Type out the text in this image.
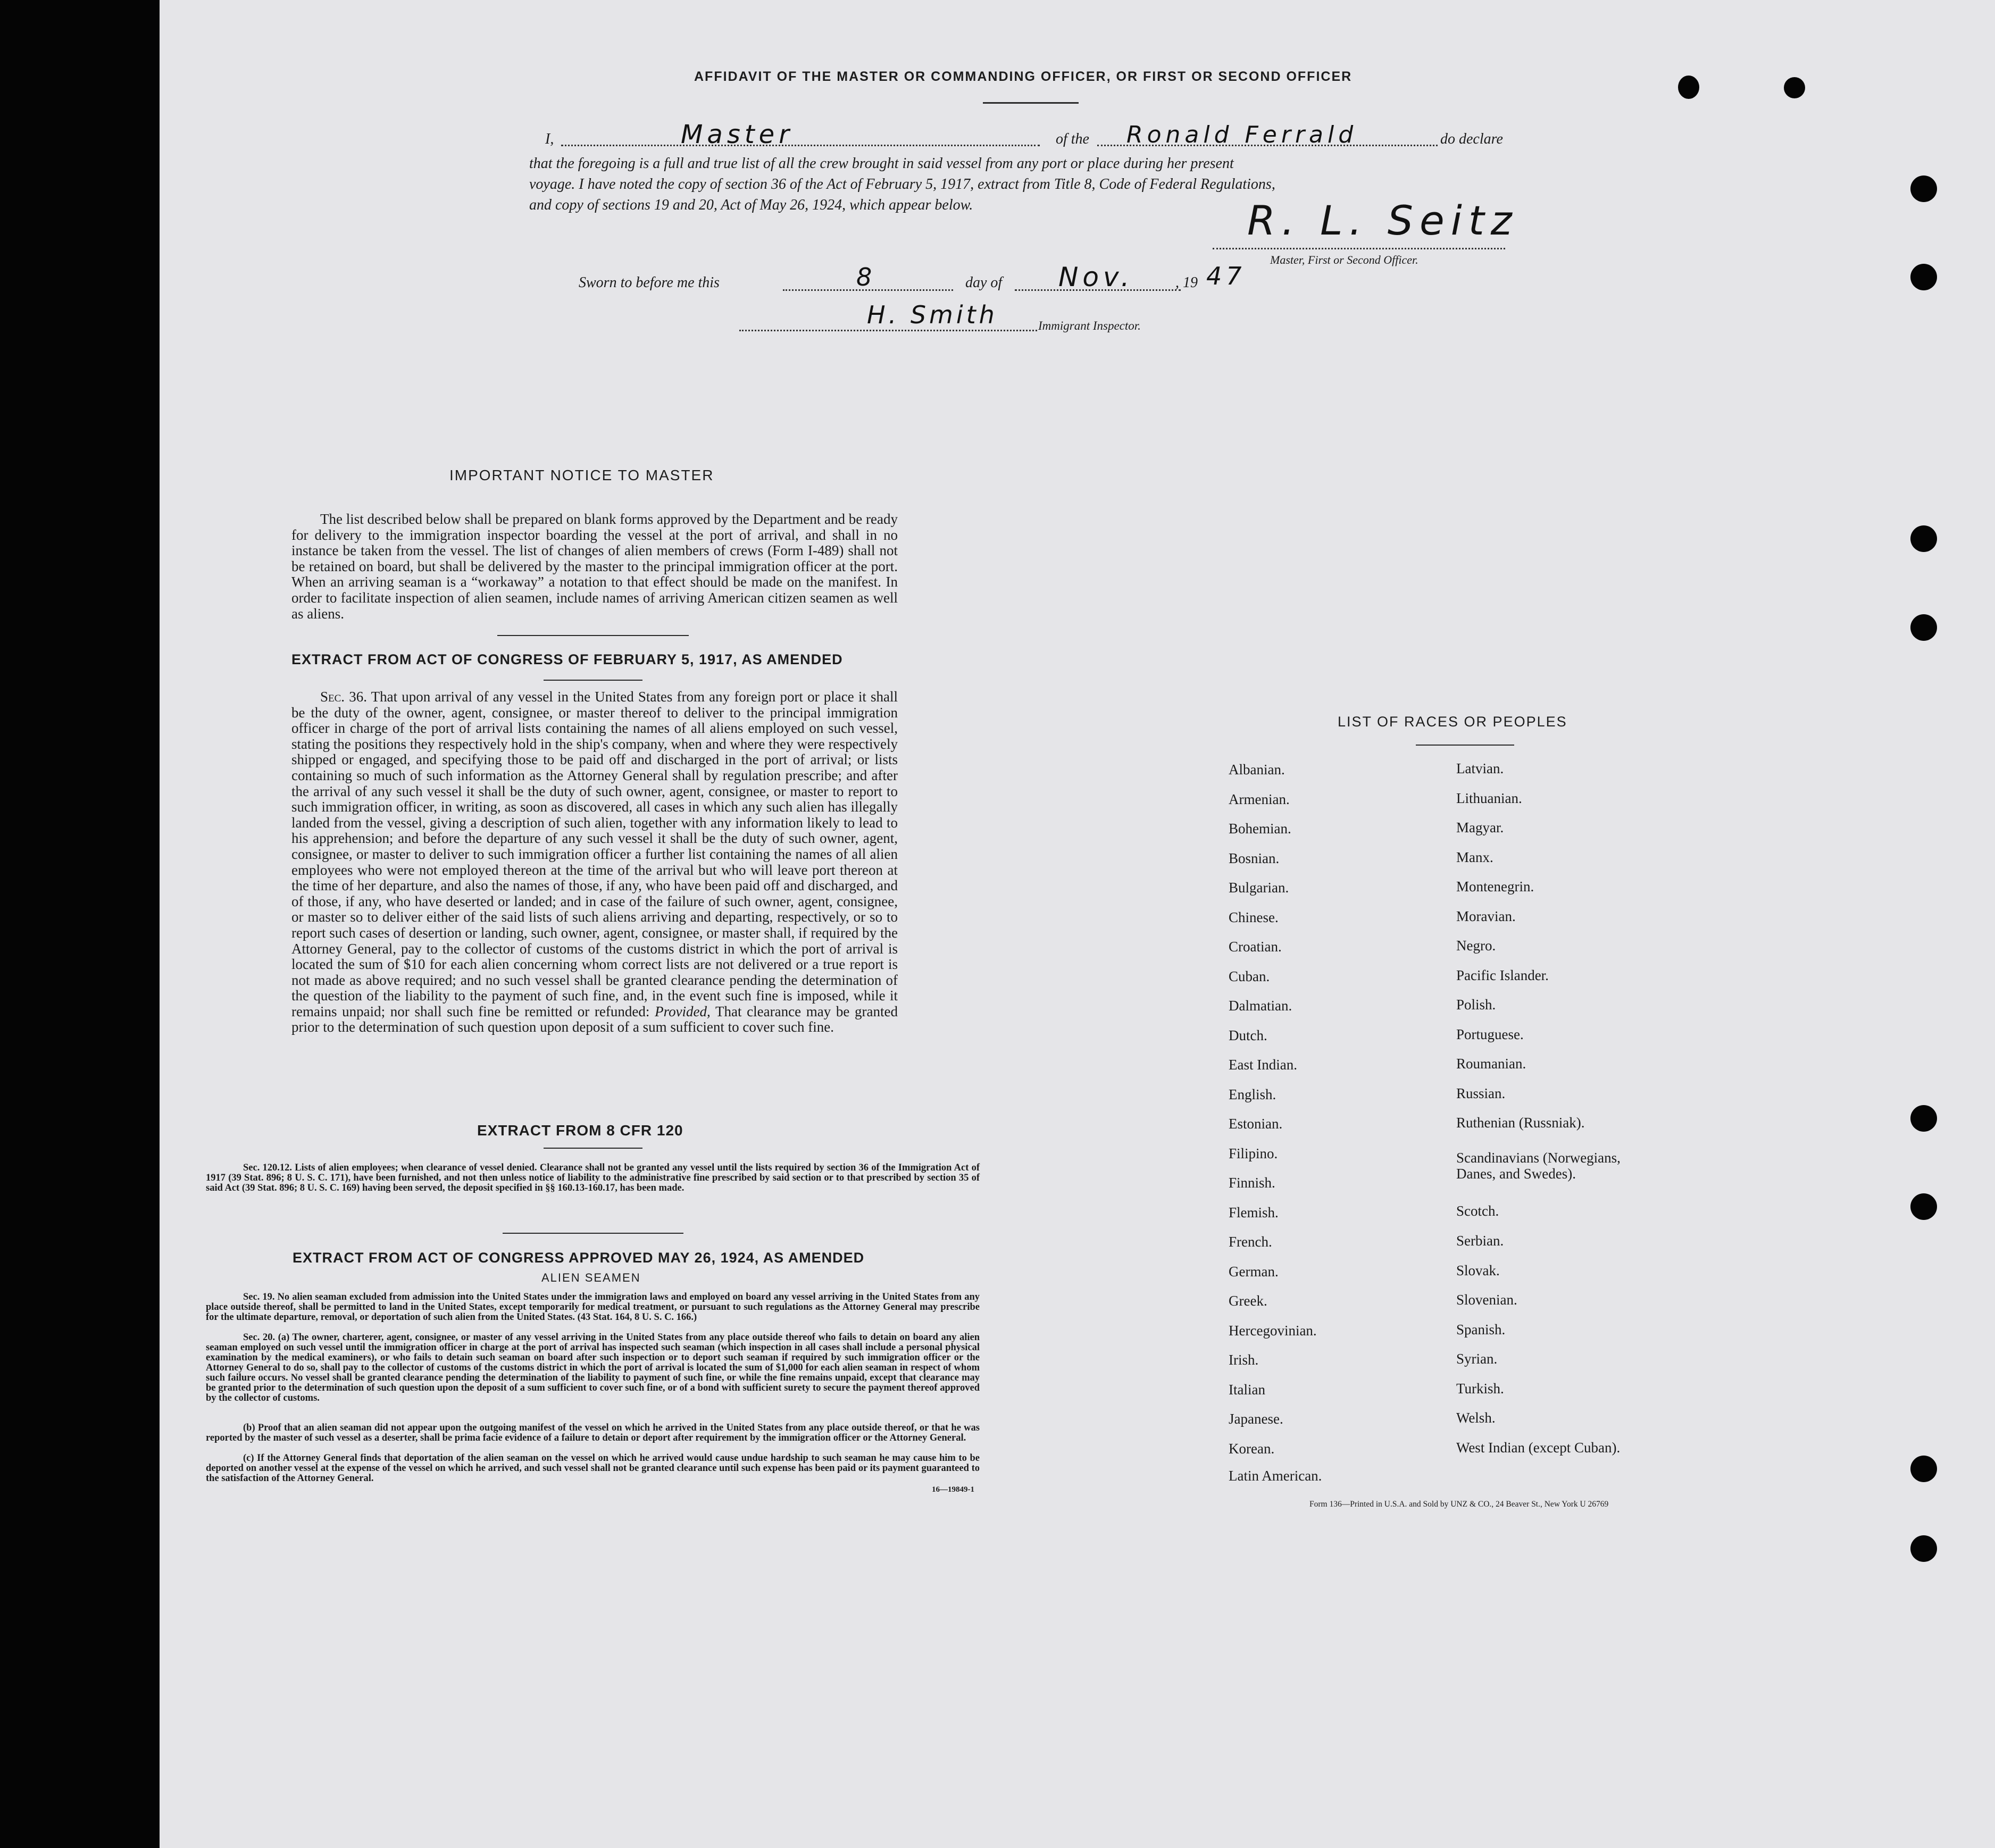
AFFIDAVIT OF THE MASTER OR COMMANDING OFFICER, OR FIRST OR SECOND OFFICER
I,	Master	of the Ronald Ferrald	do declare
that the foregoing is a full and true list of all the crew brought in said vessel from any port or place during her present
voyage. I have noted the copy of section 36 of the Act of February 5, 1917, extract from Title 8, Code of Federal Regulations,
and copy of sections 19 and 20, Act of May 26, 1924, which appear below.	R. L. Seitz
Master, First or Second Officer.
Sworn to before me this	8	day of Nov.	, 19 47
H. Smith	Immigrant Inspector.
IMPORTANT NOTICE TO MASTER
The list described below shall be prepared on blank forms approved by the Department and be ready for delivery to the immigration inspector boarding the vessel at the port of arrival, and shall in no instance be taken from the vessel. The list of changes of alien members of crews (Form I-489) shall not be retained on board, but shall be delivered by the master to the principal immigration officer at the port. When an arriving seaman is a “workaway” a notation to that effect should be made on the manifest. In order to facilitate inspection of alien seamen, include names of arriving American citizen seamen as well as aliens.
EXTRACT FROM ACT OF CONGRESS OF FEBRUARY 5, 1917, AS AMENDED
Sec. 36. That upon arrival of any vessel in the United States from any foreign port or place it shall be the duty of the owner, agent, consignee, or master thereof to deliver to the principal immigration officer in charge of the port of arrival lists containing the names of all aliens employed on such vessel, stating the positions they respectively hold in the ship's company, when and where they were respectively shipped or engaged, and specifying those to be paid off and discharged in the port of arrival; or lists containing so much of such information as the Attorney General shall by regulation prescribe; and after the arrival of any such vessel it shall be the duty of such owner, agent, consignee, or master to report to such immigration officer, in writing, as soon as discovered, all cases in which any such alien has illegally landed from the vessel, giving a description of such alien, together with any information likely to lead to his apprehension; and before the departure of any such vessel it shall be the duty of such owner, agent, consignee, or master to deliver to such immigration officer a further list containing the names of all alien employees who were not employed thereon at the time of the arrival but who will leave port thereon at the time of her departure, and also the names of those, if any, who have been paid off and discharged, and of those, if any, who have deserted or landed; and in case of the failure of such owner, agent, consignee, or master so to deliver either of the said lists of such aliens arriving and departing, respectively, or so to report such cases of desertion or landing, such owner, agent, consignee, or master shall, if required by the Attorney General, pay to the collector of customs of the customs district in which the port of arrival is located the sum of $10 for each alien concerning whom correct lists are not delivered or a true report is not made as above required; and no such vessel shall be granted clearance pending the determination of the question of the liability to the payment of such fine, and, in the event such fine is imposed, while it remains unpaid; nor shall such fine be remitted or refunded: Provided, That clearance may be granted prior to the determination of such question upon deposit of a sum sufficient to cover such fine.
EXTRACT FROM 8 CFR 120
Sec. 120.12. Lists of alien employees; when clearance of vessel denied. Clearance shall not be granted any vessel until the lists required by section 36 of the Immigration Act of 1917 (39 Stat. 896; 8 U. S. C. 171), have been furnished, and not then unless notice of liability to the administrative fine prescribed by said section or to that prescribed by section 35 of said Act (39 Stat. 896; 8 U. S. C. 169) having been served, the deposit specified in §§ 160.13-160.17, has been made.
EXTRACT FROM ACT OF CONGRESS APPROVED MAY 26, 1924, AS AMENDED
ALIEN SEAMEN
Sec. 19. No alien seaman excluded from admission into the United States under the immigration laws and employed on board any vessel arriving in the United States from any place outside thereof, shall be permitted to land in the United States, except temporarily for medical treatment, or pursuant to such regulations as the Attorney General may prescribe for the ultimate departure, removal, or deportation of such alien from the United States. (43 Stat. 164, 8 U. S. C. 166.)
Sec. 20. (a) The owner, charterer, agent, consignee, or master of any vessel arriving in the United States from any place outside thereof who fails to detain on board any alien seaman employed on such vessel until the immigration officer in charge at the port of arrival has inspected such seaman (which inspection in all cases shall include a personal physical examination by the medical examiners), or who fails to detain such seaman on board after such inspection or to deport such seaman if required by such immigration officer or the Attorney General to do so, shall pay to the collector of customs of the customs district in which the port of arrival is located the sum of $1,000 for each alien seaman in respect of whom such failure occurs. No vessel shall be granted clearance pending the determination of the liability to payment of such fine, or while the fine remains unpaid, except that clearance may be granted prior to the determination of such question upon the deposit of a sum sufficient to cover such fine, or of a bond with sufficient surety to secure the payment thereof approved by the collector of customs.
(b) Proof that an alien seaman did not appear upon the outgoing manifest of the vessel on which he arrived in the United States from any place outside thereof, or that he was reported by the master of such vessel as a deserter, shall be prima facie evidence of a failure to detain or deport after requirement by the immigration officer or the Attorney General.
(c) If the Attorney General finds that deportation of the alien seaman on the vessel on which he arrived would cause undue hardship to such seaman he may cause him to be deported on another vessel at the expense of the vessel on which he arrived, and such vessel shall not be granted clearance until such expense has been paid or its payment guaranteed to the satisfaction of the Attorney General.
16—19849-1
LIST OF RACES OR PEOPLES
Albanian.
Armenian.
Bohemian.
Bosnian.
Bulgarian.
Chinese.
Croatian.
Cuban.
Dalmatian.
Dutch.
East Indian.
English.
Estonian.
Filipino.
Finnish.
Flemish.
French.
German.
Greek.
Hercegovinian.
Irish.
Italian
Japanese.
Korean.
Latin American.
Latvian.
Lithuanian.
Magyar.
Manx.
Montenegrin.
Moravian.
Negro.
Pacific Islander.
Polish.
Portuguese.
Roumanian.
Russian.
Ruthenian (Russniak).
Scandinavians (Norwegians, Danes, and Swedes).
Scotch.
Serbian.
Slovak.
Slovenian.
Spanish.
Syrian.
Turkish.
Welsh.
West Indian (except Cuban).
Form 136—Printed in U.S.A. and Sold by UNZ & CO., 24 Beaver St., New York U 26769
